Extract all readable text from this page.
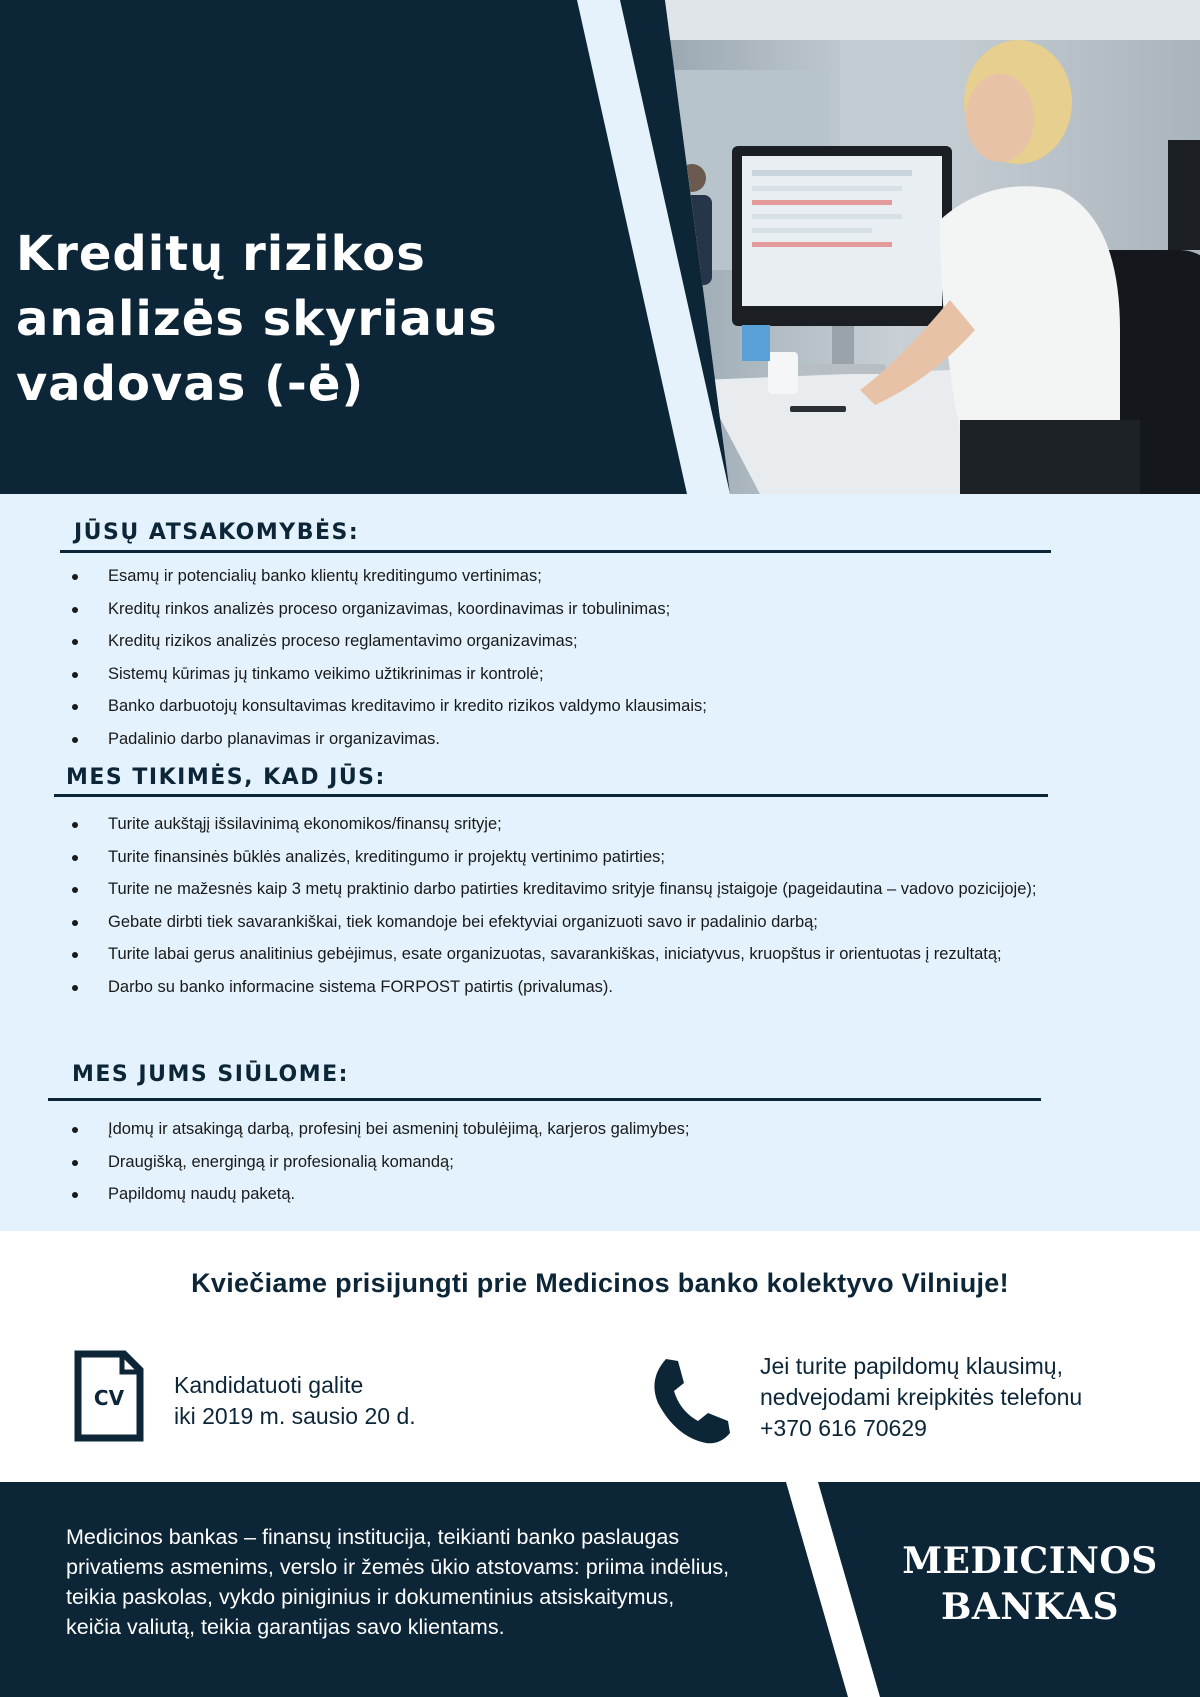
Kreditų rizikos
analizės skyriaus
vadovas (-ė)
JŪSŲ ATSAKOMYBĖS:
Esamų ir potencialių banko klientų kreditingumo vertinimas;
Kreditų rinkos analizės proceso organizavimas, koordinavimas ir tobulinimas;
Kreditų rizikos analizės proceso reglamentavimo organizavimas;
Sistemų kūrimas jų tinkamo veikimo užtikrinimas ir kontrolė;
Banko darbuotojų konsultavimas kreditavimo ir kredito rizikos valdymo klausimais;
Padalinio darbo planavimas ir organizavimas.
MES TIKIMĖS, KAD JŪS:
Turite aukštąjį išsilavinimą ekonomikos/finansų srityje;
Turite finansinės būklės analizės, kreditingumo ir projektų vertinimo patirties;
Turite ne mažesnės kaip 3 metų praktinio darbo patirties kreditavimo srityje finansų įstaigoje (pageidautina – vadovo pozicijoje);
Gebate dirbti tiek savarankiškai, tiek komandoje bei efektyviai organizuoti savo ir padalinio darbą;
Turite labai gerus analitinius gebėjimus, esate organizuotas, savarankiškas, iniciatyvus, kruopštus ir orientuotas į rezultatą;
Darbo su banko informacine sistema FORPOST patirtis (privalumas).
MES JUMS SIŪLOME:
Įdomų ir atsakingą darbą, profesinį bei asmeninį tobulėjimą, karjeros galimybes;
Draugišką, energingą ir profesionalią komandą;
Papildomų naudų paketą.
Kviečiame prisijungti prie Medicinos banko kolektyvo Vilniuje!
CV Kandidatuoti galite
iki 2019 m. sausio 20 d.
Jei turite papildomų klausimų,
nedvejodami kreipkitės telefonu
+370 616 70629
Medicinos bankas – finansų institucija, teikianti banko paslaugas
privatiems asmenims, verslo ir žemės ūkio atstovams: priima indėlius,
teikia paskolas, vykdo piniginius ir dokumentinius atsiskaitymus,
keičia valiutą, teikia garantijas savo klientams.
MEDICINOS
BANKAS
